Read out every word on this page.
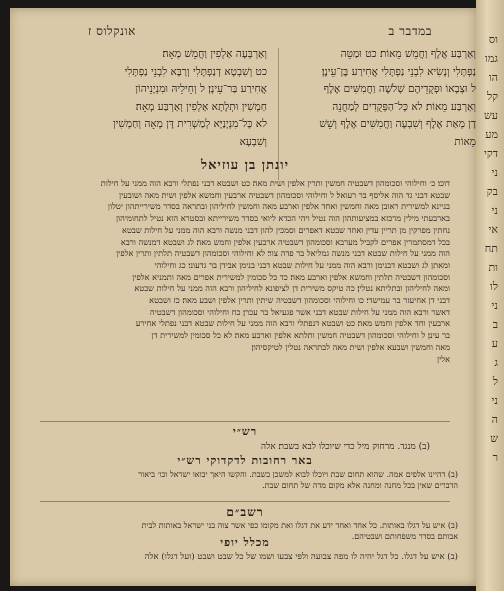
אונקלוס ז	במדבר ב
וְאַרְבְּעָה אַלְפִין וַחֲמֵשׁ מְאָה׃
כט וְשִׁבְטָא דְנַפְתָּלִי וְרַבָּא לִבְנֵי נַפְתָּלִי
אֲחִירַע בַּר־עֵינָן׃ ל וְחֵילֵיהּ וּמִנְיָנֵיהוֹן
חַמְשִׁין וּתְלָתָא אַלְפִין וְאַרְבַּע מְאָה׃
לא כָּל־מִנְיָנַיָּא לְמַשְׁרִית דָּן מְאָה וְחַמְשִׁין
וְשִׁבְעָא
וְאַרְבַּע אֲלָף וַחֲמֵשׁ מֵאוֹת׃ כט וּמַטֵּה
נַפְתָּלִי וְנָשִׂיא לִבְנֵי נַפְתָּלִי אֲחִירַע בֶּן־עֵינָן׃
ל וּצְבָאוֹ וּפְקֻדֵיהֶם שְׁלֹשָׁה וַחֲמִשִּׁים אֶלֶף
וְאַרְבַּע מֵאוֹת׃ לא כָּל־הַפְּקֻדִים לְמַחֲנֵה
דָן מְאַת אֶלֶף וְשִׁבְעָה וַחֲמִשִּׁים אֶלֶף וְשֵׁשׁ
מֵאוֹת
יונתן בן עוזיאל
דוכו׃ כ׳ וחילוהי וסכומהון דשבטיה חמשין ותרין אלפין ושית מאה׃ כט ושבטא דבני נפתלי ורבא הוה ממני על חילות
שבטא דבני גד הוה אליסף בר רעואל׃ ל וחילוהי וסכומהון דשבטיה ארבעין וחמשא אלפין ושית מאה ושובעין
בניינא למשירית ראובן מאה וחמשין ואחד אלפין וארבע מאה וחמשין לחיליהון ובתראה בסדר משירייתהון יטלון
בארבעתי מילין מרכזא במציעותהון הוה נטיל ויהי הכדא ליואי בסדר משירייתא ובסטרא הוא נטיל לתחומיהון
נחתין מפרקין מן תריין עדין ואחד שבטא דאפרים וסמכין להון דבני מנשה ורבא הוה ממני על חילות שבטא
בכל דמסתמרין אפרים לקביל מערבא וסכומהון דשבטיה ארבעין אלפין וחמש מאה׃ לג ושבטא דמנשה ורבא
הוה ממני על חילות שבטא דבני מנשה גמליאל בר פדה צור׃ לא וחילוהי וסכומהון דשבטיה תלתין ותרין אלפין
ומאתן לג ושבטא דבנימן ורבא הוה ממני על חילות שבטא דבני בנימן אבידן בר גדעוני׃ כג וחילוהי
וסכומהון דשבטיה תלתין וחמשא אלפין וארבע מאה׃ כד כל סכומין למשירית אפרים מאה ותמניא אלפין
ומאה לחיליהון ובתליתא נטלין׃ כה טיקס משירית דן לציפונא לחיליהון ורבא הוה ממני על חילות שבטא
דבני דן אחיעזר בר עמישדי׃ כו וחילוהי וסכומהון דשבטיה שיתין ותרין אלפין ושבע מאה׃ כז ושבטא
דאשר ורבא הוה ממני על חילות שבטא דבני אשר פגעיאל בר עכרן׃ כח וחילוהי וסכומהון דשבטיה
ארבעין וחד אלפין וחמש מאה׃ כט ושבטא דנפתלי ורבא הוה ממני על חילות שבטא דבני נפתלי אחירע
בר עינן׃ ל וחילוהי וסכומהון דשבטיה חמשין ותלתא אלפין וארבע מאה׃ לא כל סכומין למשירית דן
מאה וחמשין ושבעא אלפין ושית מאה לבתראה נטלין לטיקסיהון׃
אלין
רש״י
(ב) מנגד. מרחוק מיל כדי שיוכלו לבא בשבת׃ אלה
באר רחובות לדקדוקי רש״י
(ב) דהיינו אלפים אמה. שהוא תחום שבת ויוכלו לבוא למשכן בשבת. והקשו היאך יבואו ישראל וכו׳ ביאור
הדברים שאין בכל מחנה ומחנה אלא מקום מדה של תחום שבת.
רשב״ם
(ב) איש על דגלו באותות. כל אחד ואחד ידע את דגלו ואת מקומו כפי אשר צוה בני ישראל באותות לבית
אבותם בסדר משפחותם ושבטיהם.
מכלל יופי
(ב) איש על דגלו. כל דגל יהיה לו מפה צבועה ולפי צבעו ושמו של כל שבט ושבט (ועל דגלו) אלה
וס
גמו
הו
קל
עש
מע
דקי
ני
בק
ני
אי
תח
ות
לו
ני
ב
ע
ג
ל
ני
ה
ש
ר
